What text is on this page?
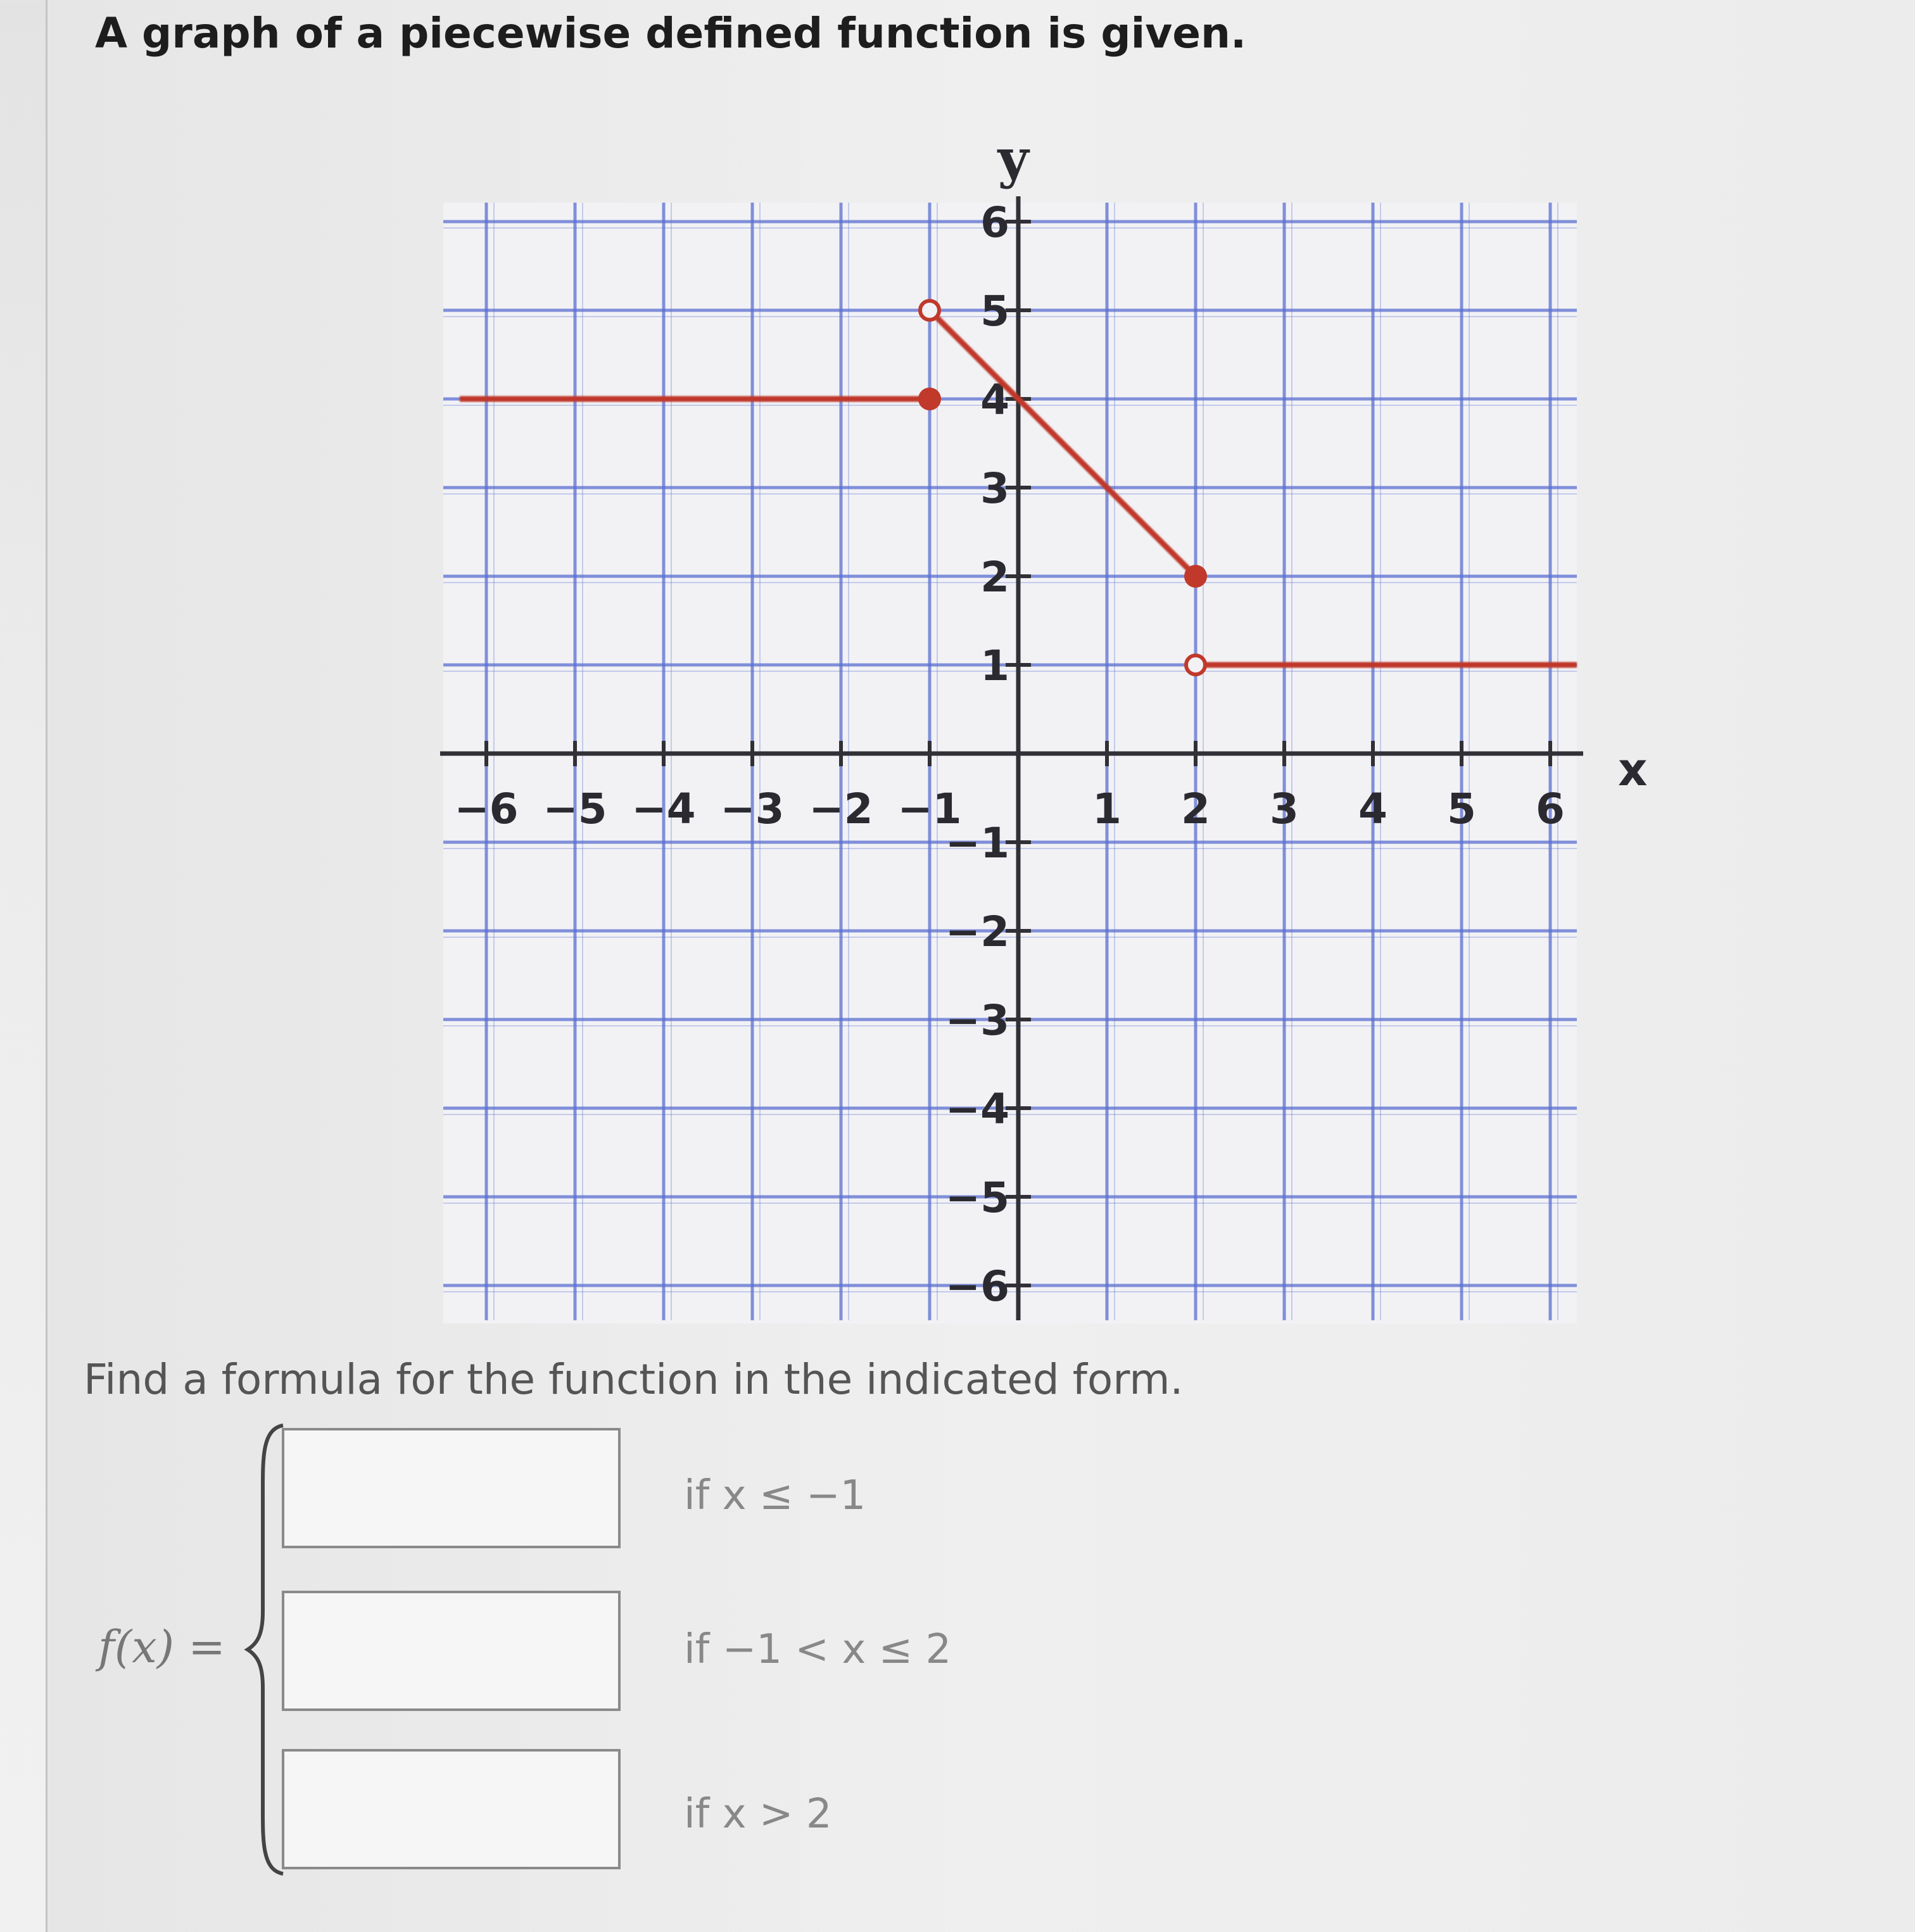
A graph of a piecewise defined function is given.
x
y
−6 −5 −4 −3 −2 −1	1 2 3 4 5 6
6
5
4
3
2
1
−1
−2
−3
−4
−5
−6
Find a formula for the function in the indicated form.
f(x) =
if x ≤ −1
if −1 < x ≤ 2
if x > 2
